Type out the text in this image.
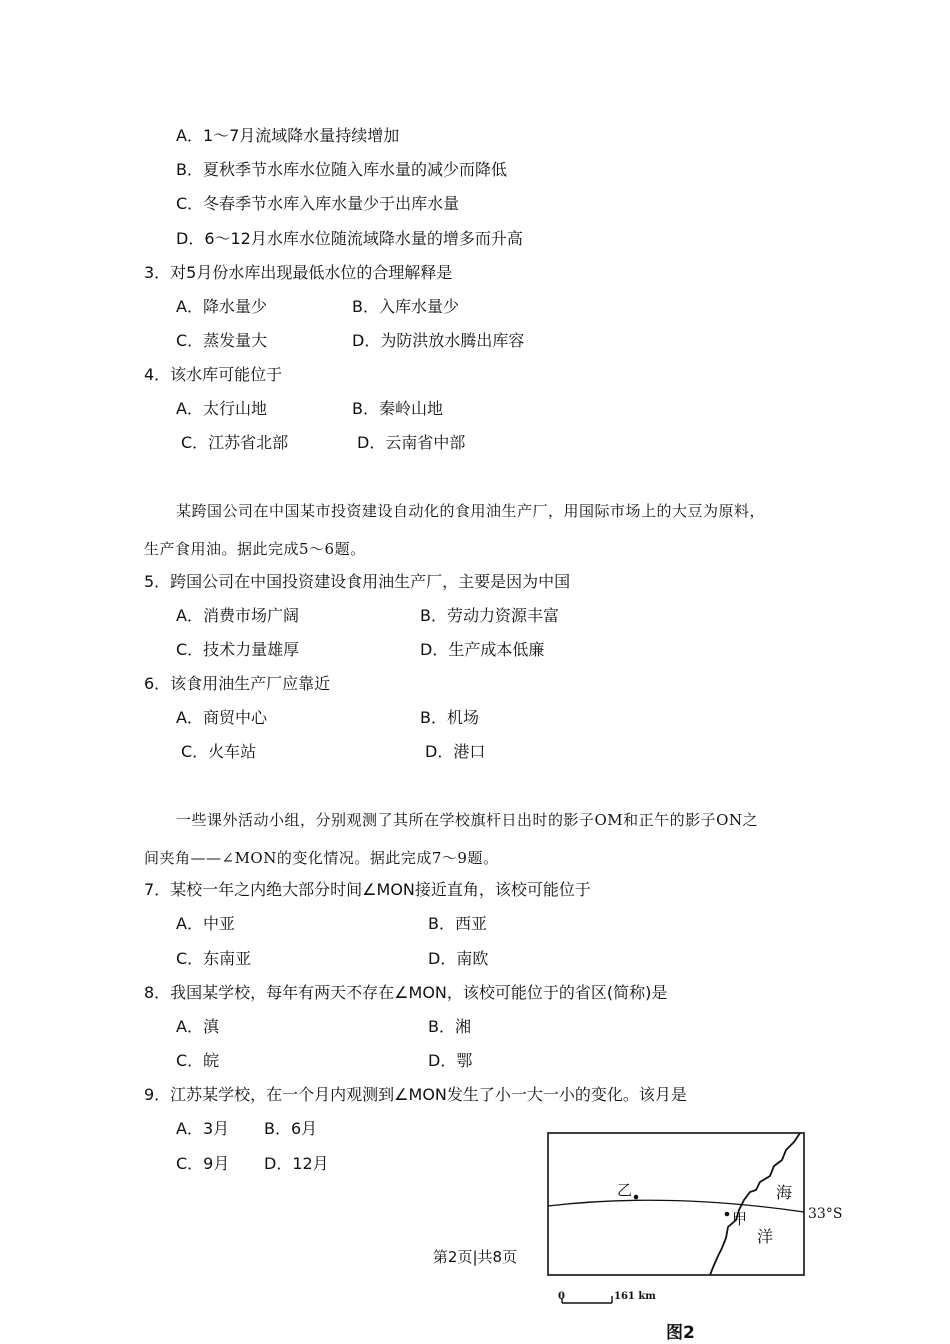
A．1～7月流域降水量持续增加
B．夏秋季节水库水位随入库水量的减少而降低
C．冬春季节水库入库水量少于出库水量
D．6～12月水库水位随流域降水量的增多而升高
3．对5月份水库出现最低水位的合理解释是
A．降水量少	B．入库水量少
C．蒸发量大	D．为防洪放水腾出库容
4．该水库可能位于
A．太行山地	B．秦岭山地
C．江苏省北部	D．云南省中部
某跨国公司在中国某市投资建设自动化的食用油生产厂，用国际市场上的大豆为原料，
生产食用油。据此完成5～6题。
5．跨国公司在中国投资建设食用油生产厂，主要是因为中国
A．消费市场广阔	B．劳动力资源丰富
C．技术力量雄厚	D．生产成本低廉
6．该食用油生产厂应靠近
A．商贸中心	B．机场
C．火车站	D．港口
一些课外活动小组，分别观测了其所在学校旗杆日出时的影子OM和正午的影子ON之
间夹角——∠MON的变化情况。据此完成7～9题。
7．某校一年之内绝大部分时间∠MON接近直角，该校可能位于
A．中亚	B．西亚
C．东南亚	D．南欧
8．我国某学校，每年有两天不存在∠MON，该校可能位于的省区(简称)是
A．滇	B．湘
C．皖	D．鄂
9．江苏某学校，在一个月内观测到∠MON发生了小一大一小的变化。该月是
A．3月 B．6月
C．9月 D．12月
第2页|共8页
乙
甲
海
洋
33°S
0	161 km
图2
